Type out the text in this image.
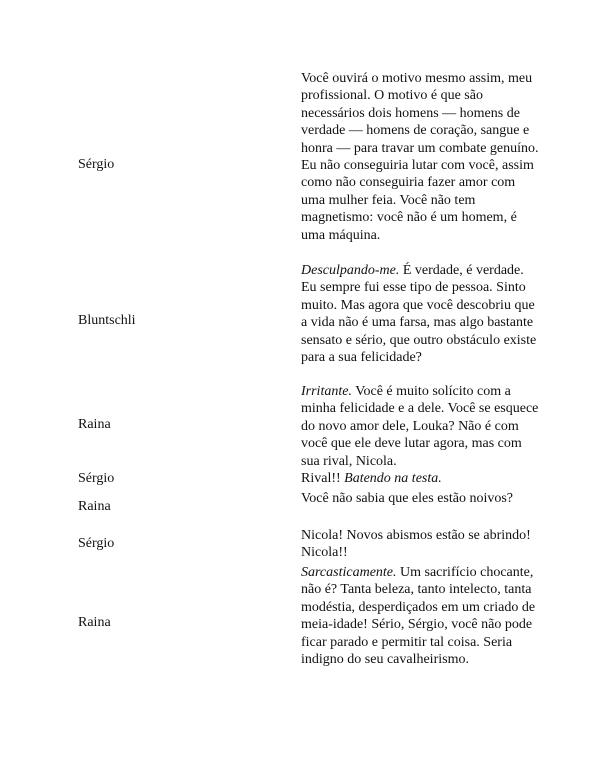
Sérgio
Você ouvirá o motivo mesmo assim, meu profissional. O motivo é que são necessários dois homens — homens de verdade — homens de coração, sangue e honra — para travar um combate genuíno. Eu não conseguiria lutar com você, assim como não conseguiria fazer amor com uma mulher feia. Você não tem magnetismo: você não é um homem, é uma máquina.
Bluntschli
Desculpando-me. É verdade, é verdade. Eu sempre fui esse tipo de pessoa. Sinto muito. Mas agora que você descobriu que a vida não é uma farsa, mas algo bastante sensato e sério, que outro obstáculo existe para a sua felicidade?
Raina
Irritante. Você é muito solícito com a minha felicidade e a dele. Você se esquece do novo amor dele, Louka? Não é com você que ele deve lutar agora, mas com sua rival, Nicola.
Sérgio	Rival!! Batendo na testa.
Raina
Você não sabia que eles estão noivos?
Sérgio
Nicola! Novos abismos estão se abrindo! Nicola!!
Raina
Sarcasticamente. Um sacrifício chocante, não é? Tanta beleza, tanto intelecto, tanta modéstia, desperdiçados em um criado de meia-idade! Sério, Sérgio, você não pode ficar parado e permitir tal coisa. Seria indigno do seu cavalheirismo.
